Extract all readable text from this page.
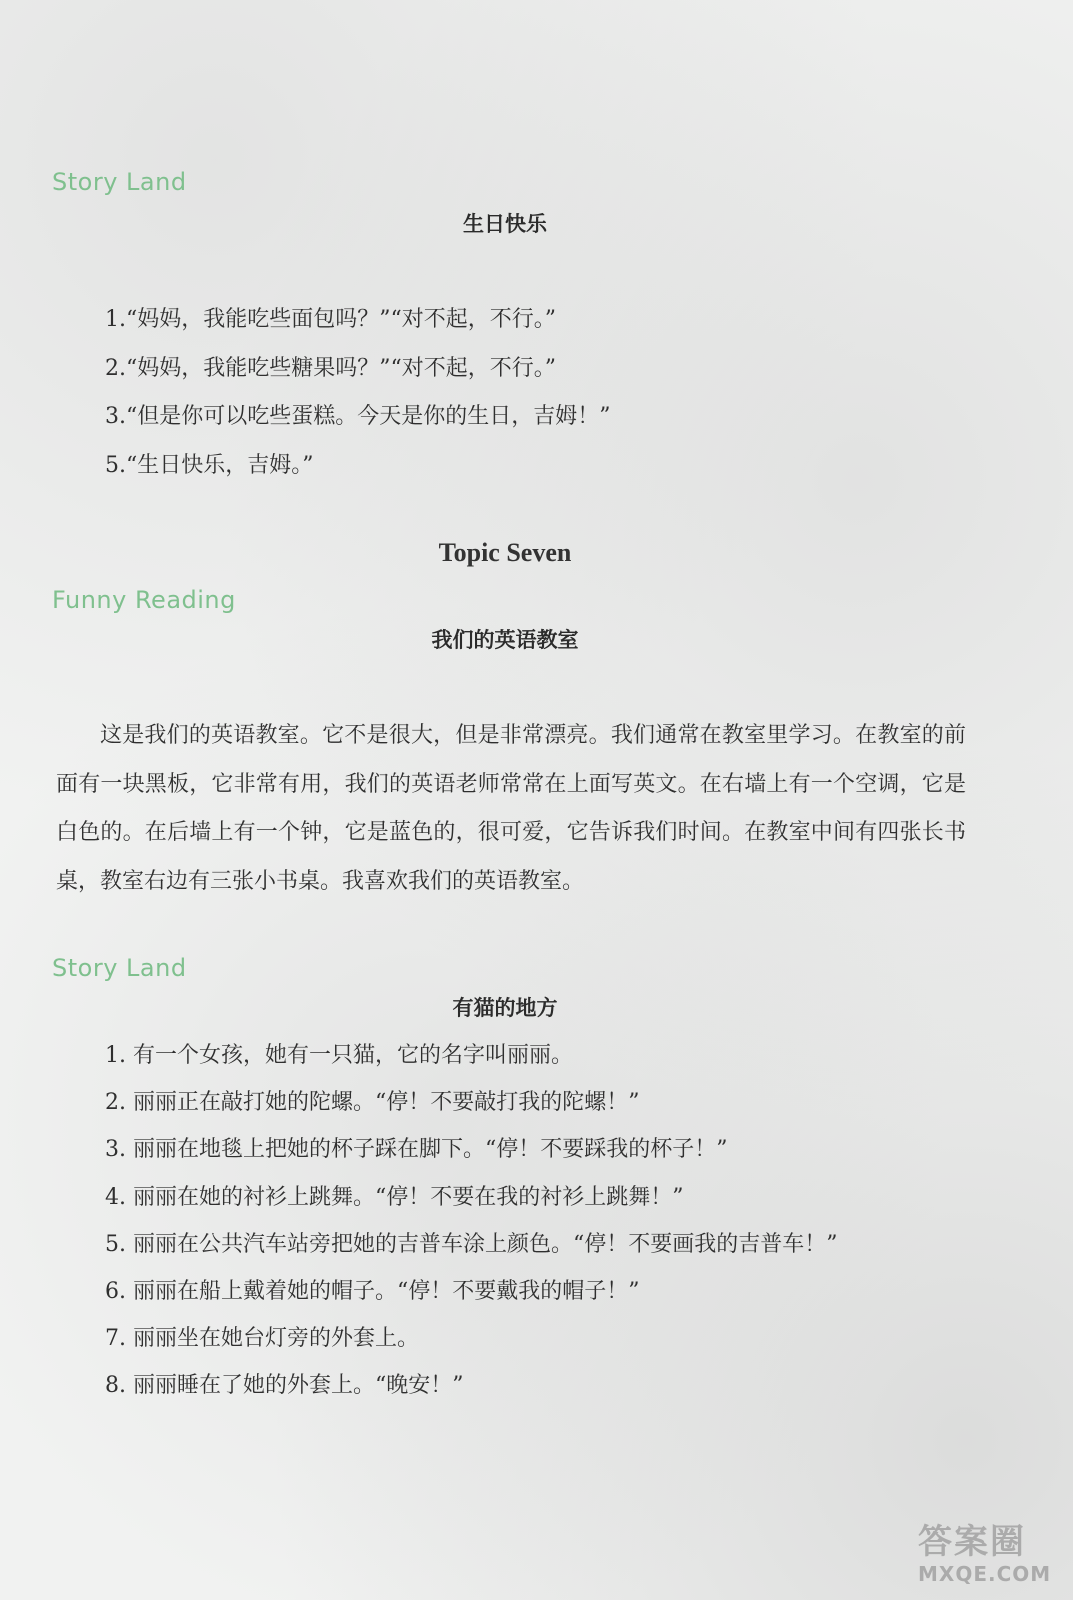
Story Land
生日快乐
1.“妈妈，我能吃些面包吗？”“对不起，不行。”
2.“妈妈，我能吃些糖果吗？”“对不起，不行。”
3.“但是你可以吃些蛋糕。今天是你的生日，吉姆！”
5.“生日快乐，吉姆。”
Topic Seven
Funny Reading
我们的英语教室

这是我们的英语教室。它不是很大，但是非常漂亮。我们通常在教室里学习。在教室的前面有一块黑板，它非常有用，我们的英语老师常常在上面写英文。在右墙上有一个空调，它是白色的。在后墙上有一个钟，它是蓝色的，很可爱，它告诉我们时间。在教室中间有四张长书桌，教室右边有三张小书桌。我喜欢我们的英语教室。

Story Land
有猫的地方
1. 有一个女孩，她有一只猫，它的名字叫丽丽。
2. 丽丽正在敲打她的陀螺。“停！不要敲打我的陀螺！”
3. 丽丽在地毯上把她的杯子踩在脚下。“停！不要踩我的杯子！”
4. 丽丽在她的衬衫上跳舞。“停！不要在我的衬衫上跳舞！”
5. 丽丽在公共汽车站旁把她的吉普车涂上颜色。“停！不要画我的吉普车！”
6. 丽丽在船上戴着她的帽子。“停！不要戴我的帽子！”
7. 丽丽坐在她台灯旁的外套上。
8. 丽丽睡在了她的外套上。“晚安！”
答案圈
MXQE.COM
